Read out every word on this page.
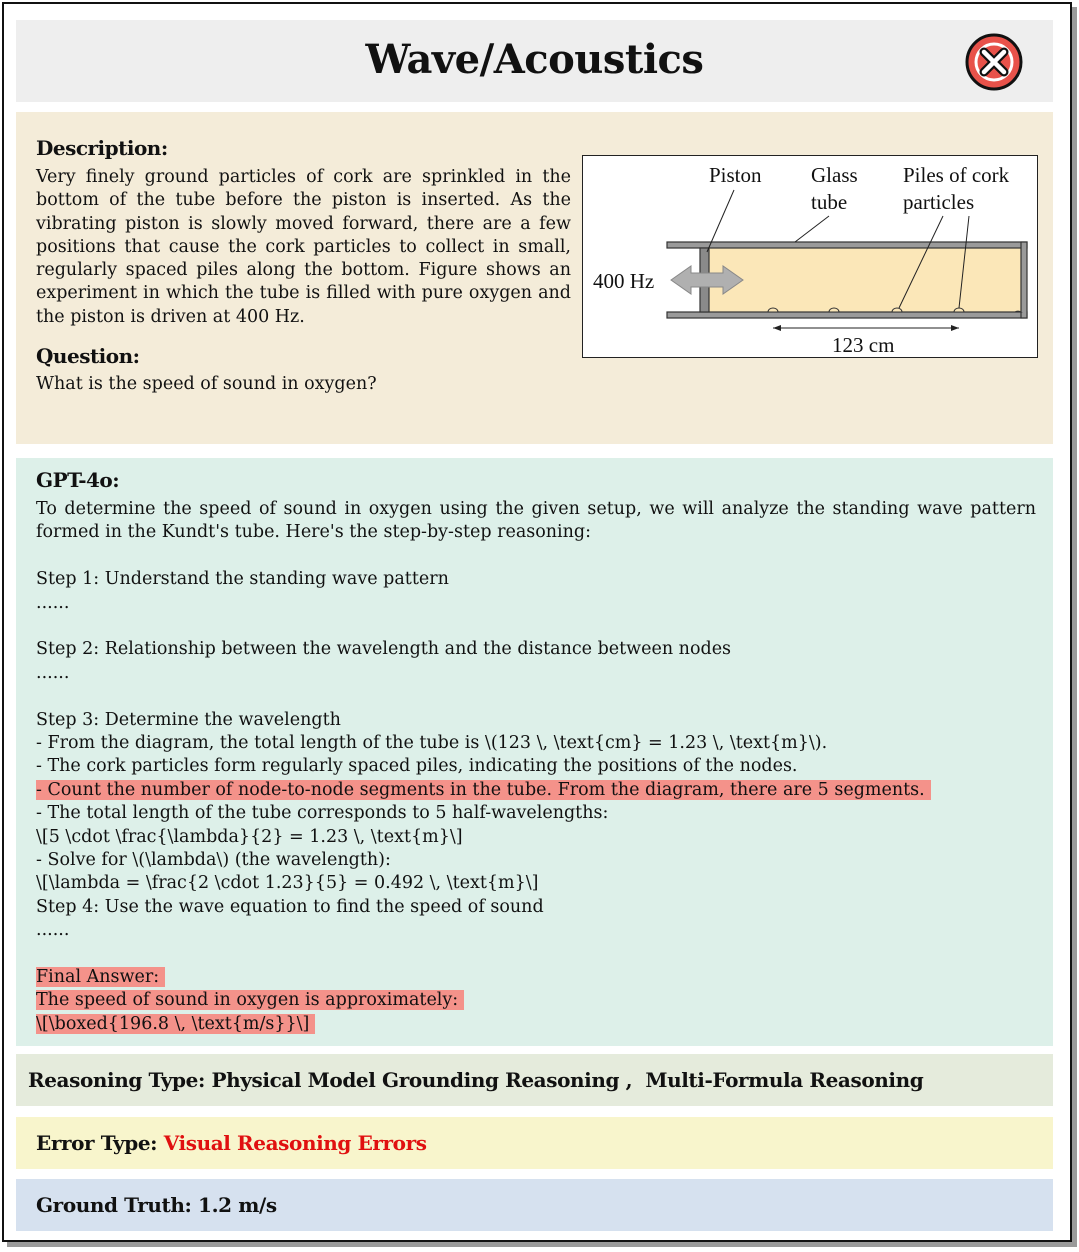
Wave/Acoustics
Description:
Very finely ground particles of cork are sprinkled in the bottom of the tube before the piston is inserted. As the vibrating piston is slowly moved forward, there are a few positions that cause the cork particles to collect in small, regularly spaced piles along the bottom. Figure shows an experiment in which the tube is filled with pure oxygen and the piston is driven at 400 Hz.
Question:
What is the speed of sound in oxygen?
Piston Glass
tube
Piles of cork
particles
400 Hz
123 cm
GPT-4o:
To determine the speed of sound in oxygen using the given setup, we will analyze the standing wave pattern formed in the Kundt's tube. Here's the step-by-step reasoning:
Step 1: Understand the standing wave pattern
......
Step 2: Relationship between the wavelength and the distance between nodes
......
Step 3: Determine the wavelength
- From the diagram, the total length of the tube is \(123 \, \text{cm} = 1.23 \, \text{m}\).
- The cork particles form regularly spaced piles, indicating the positions of the nodes.
- Count the number of node-to-node segments in the tube. From the diagram, there are 5 segments.
- The total length of the tube corresponds to 5 half-wavelengths:
\[5 \cdot \frac{\lambda}{2} = 1.23 \, \text{m}\]
- Solve for \(\lambda\) (the wavelength):
\[\lambda = \frac{2 \cdot 1.23}{5} = 0.492 \, \text{m}\]
Step 4: Use the wave equation to find the speed of sound
......
Final Answer:
The speed of sound in oxygen is approximately:
\[\boxed{196.8 \, \text{m/s}}\]
Reasoning Type: Physical Model Grounding Reasoning ,  Multi-Formula Reasoning
Error Type: Visual Reasoning Errors
Ground Truth: 1.2 m/s
